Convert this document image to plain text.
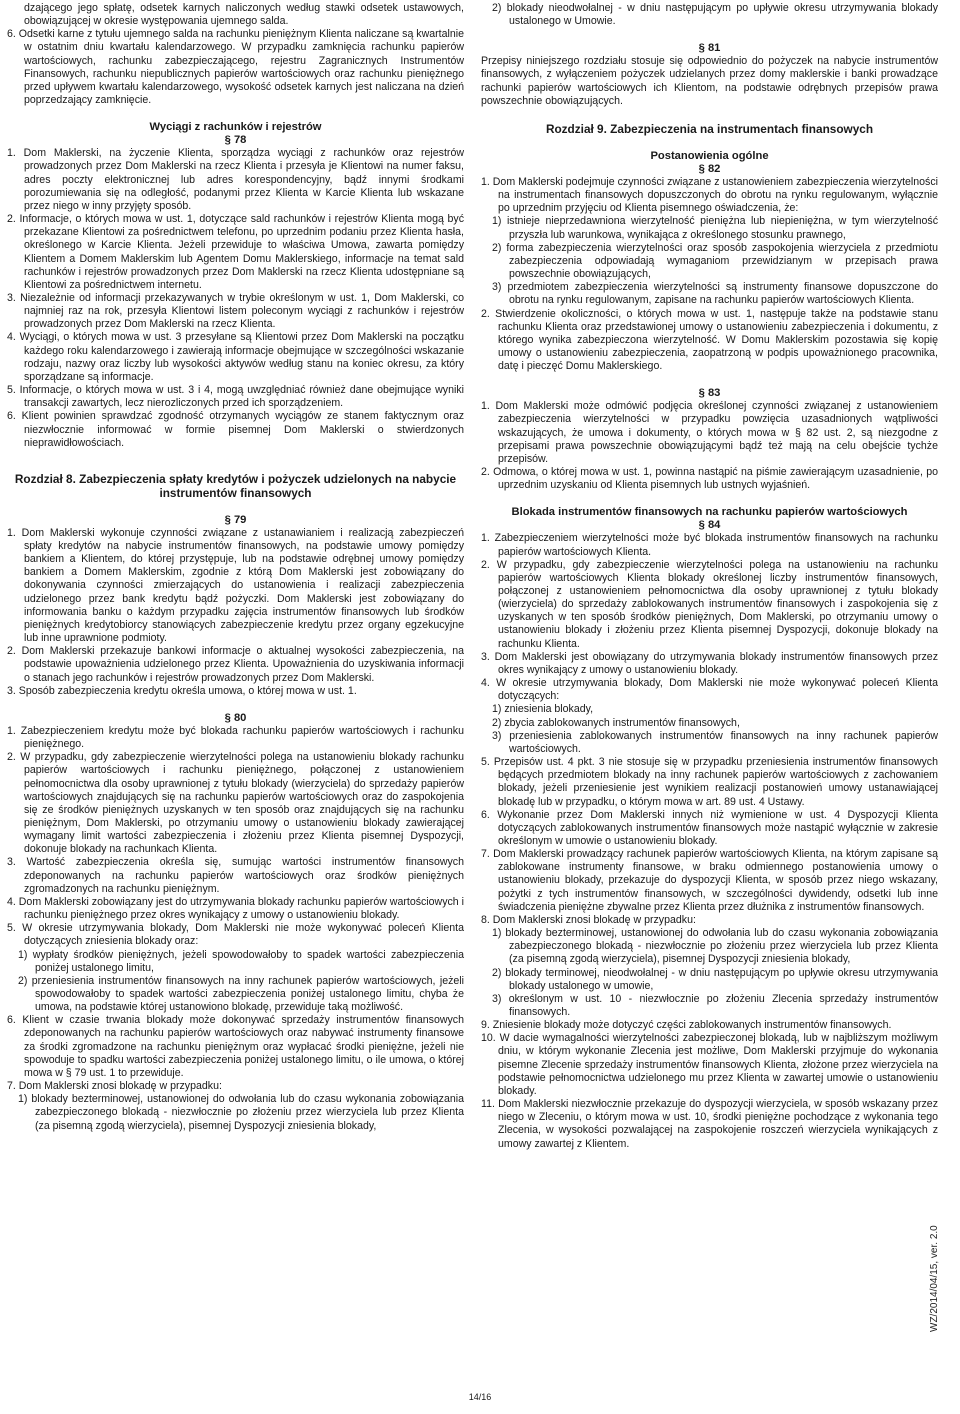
dzającego jego spłatę, odsetek karnych naliczonych według stawki odsetek ustawowych, obowiązującej w okresie występowania ujemnego salda.

6. Odsetki karne z tytułu ujemnego salda na rachunku pieniężnym Klienta naliczane są kwartalnie w ostatnim dniu kwartału kalendarzowego. W przypadku zamknięcia rachunku papierów wartościowych, rachunku zabezpieczającego, rejestru Zagranicznych Instrumentów Finansowych, rachunku niepublicznych papierów wartościowych oraz rachunku pieniężnego przed upływem kwartału kalendarzowego, wysokość odsetek karnych jest naliczana na dzień poprzedzający zamknięcie.

Wyciągi z rachunków i rejestrów

§ 78

1. Dom Maklerski, na życzenie Klienta, sporządza wyciągi z rachunków oraz rejestrów prowadzonych przez Dom Maklerski na rzecz Klienta i przesyła je Klientowi na numer faksu, adres poczty elektronicznej lub adres korespondencyjny, bądź innymi środkami porozumiewania się na odległość, podanymi przez Klienta w Karcie Klienta lub wskazane przez niego w inny przyjęty sposób.

2. Informacje, o których mowa w ust. 1, dotyczące sald rachunków i rejestrów Klienta mogą być przekazane Klientowi za pośrednictwem telefonu, po uprzednim podaniu przez Klienta hasła, określonego w Karcie Klienta. Jeżeli przewiduje to właściwa Umowa, zawarta pomiędzy Klientem a Domem Maklerskim lub Agentem Domu Maklerskiego, informacje na temat sald rachunków i rejestrów prowadzonych przez Dom Maklerski na rzecz Klienta udostępniane są Klientowi za pośrednictwem internetu.

3. Niezależnie od informacji przekazywanych w trybie określonym w ust. 1, Dom Maklerski, co najmniej raz na rok, przesyła Klientowi listem poleconym wyciągi z rachunków i rejestrów prowadzonych przez Dom Maklerski na rzecz Klienta.

4. Wyciągi, o których mowa w ust. 3 przesyłane są Klientowi przez Dom Maklerski na początku każdego roku kalendarzowego i zawierają informacje obejmujące w szczególności wskazanie rodzaju, nazwy oraz liczby lub wysokości aktywów według stanu na koniec okresu, za który sporządzane są informacje.

5. Informacje, o których mowa w ust. 3 i 4, mogą uwzględniać również dane obejmujące wyniki transakcji zawartych, lecz nierozliczonych przed ich sporządzeniem.

6. Klient powinien sprawdzać zgodność otrzymanych wyciągów ze stanem faktycznym oraz niezwłocznie informować w formie pisemnej Dom Maklerski o stwierdzonych nieprawidłowościach.

Rozdział 8. Zabezpieczenia spłaty kredytów i pożyczek udzielonych na nabycie instrumentów finansowych

§ 79

1. Dom Maklerski wykonuje czynności związane z ustanawianiem i realizacją zabezpieczeń spłaty kredytów na nabycie instrumentów finansowych, na podstawie umowy pomiędzy bankiem a Klientem, do której przystępuje, lub na podstawie odrębnej umowy pomiędzy bankiem a Domem Maklerskim, zgodnie z którą Dom Maklerski jest zobowiązany do dokonywania czynności zmierzających do ustanowienia i realizacji zabezpieczenia udzielonego przez bank kredytu bądź pożyczki. Dom Maklerski jest zobowiązany do informowania banku o każdym przypadku zajęcia instrumentów finansowych lub środków pieniężnych kredytobiorcy stanowiących zabezpieczenie kredytu przez organy egzekucyjne lub inne uprawnione podmioty.

2. Dom Maklerski przekazuje bankowi informacje o aktualnej wysokości zabezpieczenia, na podstawie upoważnienia udzielonego przez Klienta. Upoważnienia do uzyskiwania informacji o stanach jego rachunków i rejestrów prowadzonych przez Dom Maklerski.

3. Sposób zabezpieczenia kredytu określa umowa, o której mowa w ust. 1.

§ 80

1. Zabezpieczeniem kredytu może być blokada rachunku papierów wartościowych i rachunku pieniężnego.

2. W przypadku, gdy zabezpieczenie wierzytelności polega na ustanowieniu blokady rachunku papierów wartościowych i rachunku pieniężnego, połączonej z ustanowieniem pełnomocnictwa dla osoby uprawnionej z tytułu blokady (wierzyciela) do sprzedaży papierów wartościowych znajdujących się na rachunku papierów wartościowych oraz do zaspokojenia się ze środków pieniężnych uzyskanych w ten sposób oraz znajdujących się na rachunku pieniężnym, Dom Maklerski, po otrzymaniu umowy o ustanowieniu blokady zawierającej wymagany limit wartości zabezpieczenia i złożeniu przez Klienta pisemnej Dyspozycji, dokonuje blokady na rachunkach Klienta.

3. Wartość zabezpieczenia określa się, sumując wartości instrumentów finansowych zdeponowanych na rachunku papierów wartościowych oraz środków pieniężnych zgromadzonych na rachunku pieniężnym.

4. Dom Maklerski zobowiązany jest do utrzymywania blokady rachunku papierów wartościowych i rachunku pieniężnego przez okres wynikający z umowy o ustanowieniu blokady.

5. W okresie utrzymywania blokady, Dom Maklerski nie może wykonywać poleceń Klienta dotyczących zniesienia blokady oraz:

1) wypłaty środków pieniężnych, jeżeli spowodowałoby to spadek wartości zabezpieczenia poniżej ustalonego limitu,

2) przeniesienia instrumentów finansowych na inny rachunek papierów wartościowych, jeżeli spowodowałoby to spadek wartości zabezpieczenia poniżej ustalonego limitu, chyba że umowa, na podstawie której ustanowiono blokadę, przewiduje taką możliwość.

6. Klient w czasie trwania blokady może dokonywać sprzedaży instrumentów finansowych zdeponowanych na rachunku papierów wartościowych oraz nabywać instrumenty finansowe za środki zgromadzone na rachunku pieniężnym oraz wypłacać środki pieniężne, jeżeli nie spowoduje to spadku wartości zabezpieczenia poniżej ustalonego limitu, o ile umowa, o której mowa w § 79 ust. 1 to przewiduje.

7. Dom Maklerski znosi blokadę w przypadku:

1) blokady bezterminowej, ustanowionej do odwołania lub do czasu wykonania zobowiązania zabezpieczonego blokadą - niezwłocznie po złożeniu przez wierzyciela lub przez Klienta (za pisemną zgodą wierzyciela), pisemnej Dyspozycji zniesienia blokady,

2) blokady nieodwołalnej - w dniu następującym po upływie okresu utrzymywania blokady ustalonego w Umowie.

§ 81

Przepisy niniejszego rozdziału stosuje się odpowiednio do pożyczek na nabycie instrumentów finansowych, z wyłączeniem pożyczek udzielanych przez domy maklerskie i banki prowadzące rachunki papierów wartościowych ich Klientom, na podstawie odrębnych przepisów prawa powszechnie obowiązujących.

Rozdział 9. Zabezpieczenia na instrumentach finansowych

Postanowienia ogólne

§ 82

1. Dom Maklerski podejmuje czynności związane z ustanowieniem zabezpieczenia wierzytelności na instrumentach finansowych dopuszczonych do obrotu na rynku regulowanym, wyłącznie po uprzednim przyjęciu od Klienta pisemnego oświadczenia, że:

1) istnieje nieprzedawniona wierzytelność pieniężna lub niepieniężna, w tym wierzytelność przyszła lub warunkowa, wynikająca z określonego stosunku prawnego,

2) forma zabezpieczenia wierzytelności oraz sposób zaspokojenia wierzyciela z przedmiotu zabezpieczenia odpowiadają wymaganiom przewidzianym w przepisach prawa powszechnie obowiązujących,

3) przedmiotem zabezpieczenia wierzytelności są instrumenty finansowe dopuszczone do obrotu na rynku regulowanym, zapisane na rachunku papierów wartościowych Klienta.

2. Stwierdzenie okoliczności, o których mowa w ust. 1, następuje także na podstawie stanu rachunku Klienta oraz przedstawionej umowy o ustanowieniu zabezpieczenia i dokumentu, z którego wynika zabezpieczona wierzytelność. W Domu Maklerskim pozostawia się kopię umowy o ustanowieniu zabezpieczenia, zaopatrzoną w podpis upoważnionego pracownika, datę i pieczęć Domu Maklerskiego.

§ 83

1. Dom Maklerski może odmówić podjęcia określonej czynności związanej z ustanowieniem zabezpieczenia wierzytelności w przypadku powzięcia uzasadnionych wątpliwości wskazujących, że umowa i dokumenty, o których mowa w § 82 ust. 2, są niezgodne z przepisami prawa powszechnie obowiązującymi bądź też mają na celu obejście tychże przepisów.

2. Odmowa, o której mowa w ust. 1, powinna nastąpić na piśmie zawierającym uzasadnienie, po uprzednim uzyskaniu od Klienta pisemnych lub ustnych wyjaśnień.

Blokada instrumentów finansowych na rachunku papierów wartościowych

§ 84

1. Zabezpieczeniem wierzytelności może być blokada instrumentów finansowych na rachunku papierów wartościowych Klienta.

2. W przypadku, gdy zabezpieczenie wierzytelności polega na ustanowieniu na rachunku papierów wartościowych Klienta blokady określonej liczby instrumentów finansowych, połączonej z ustanowieniem pełnomocnictwa dla osoby uprawnionej z tytułu blokady (wierzyciela) do sprzedaży zablokowanych instrumentów finansowych i zaspokojenia się z uzyskanych w ten sposób środków pieniężnych, Dom Maklerski, po otrzymaniu umowy o ustanowieniu blokady i złożeniu przez Klienta pisemnej Dyspozycji, dokonuje blokady na rachunku Klienta.

3. Dom Maklerski jest obowiązany do utrzymywania blokady instrumentów finansowych przez okres wynikający z umowy o ustanowieniu blokady.

4. W okresie utrzymywania blokady, Dom Maklerski nie może wykonywać poleceń Klienta dotyczących:

1) zniesienia blokady,

2) zbycia zablokowanych instrumentów finansowych,

3) przeniesienia zablokowanych instrumentów finansowych na inny rachunek papierów wartościowych.

5. Przepisów ust. 4 pkt. 3 nie stosuje się w przypadku przeniesienia instrumentów finansowych będących przedmiotem blokady na inny rachunek papierów wartościowych z zachowaniem blokady, jeżeli przeniesienie jest wynikiem realizacji postanowień umowy ustanawiającej blokadę lub w przypadku, o którym mowa w art. 89 ust. 4 Ustawy.

6. Wykonanie przez Dom Maklerski innych niż wymienione w ust. 4 Dyspozycji Klienta dotyczących zablokowanych instrumentów finansowych może nastąpić wyłącznie w zakresie określonym w umowie o ustanowieniu blokady.

7. Dom Maklerski prowadzący rachunek papierów wartościowych Klienta, na którym zapisane są zablokowane instrumenty finansowe, w braku odmiennego postanowienia umowy o ustanowieniu blokady, przekazuje do dyspozycji Klienta, w sposób przez niego wskazany, pożytki z tych instrumentów finansowych, w szczególności dywidendy, odsetki lub inne świadczenia pieniężne zbywalne przez Klienta przez dłużnika z instrumentów finansowych.

8. Dom Maklerski znosi blokadę w przypadku:

1) blokady bezterminowej, ustanowionej do odwołania lub do czasu wykonania zobowiązania zabezpieczonego blokadą - niezwłocznie po złożeniu przez wierzyciela lub przez Klienta (za pisemną zgodą wierzyciela), pisemnej Dyspozycji zniesienia blokady,

2) blokady terminowej, nieodwołalnej - w dniu następującym po upływie okresu utrzymywania blokady ustalonego w umowie,

3) określonym w ust. 10 - niezwłocznie po złożeniu Zlecenia sprzedaży instrumentów finansowych.

9. Zniesienie blokady może dotyczyć części zablokowanych instrumentów finansowych.

10. W dacie wymagalności wierzytelności zabezpieczonej blokadą, lub w najbliższym możliwym dniu, w którym wykonanie Zlecenia jest możliwe, Dom Maklerski przyjmuje do wykonania pisemne Zlecenie sprzedaży instrumentów finansowych Klienta, złożone przez wierzyciela na podstawie pełnomocnictwa udzielonego mu przez Klienta w zawartej umowie o ustanowieniu blokady.

11. Dom Maklerski niezwłocznie przekazuje do dyspozycji wierzyciela, w sposób wskazany przez niego w Zleceniu, o którym mowa w ust. 10, środki pieniężne pochodzące z wykonania tego Zlecenia, w wysokości pozwalającej na zaspokojenie roszczeń wierzyciela wynikających z umowy zawartej z Klientem.

WZ/2014/04/15, ver. 2.0
14/16
